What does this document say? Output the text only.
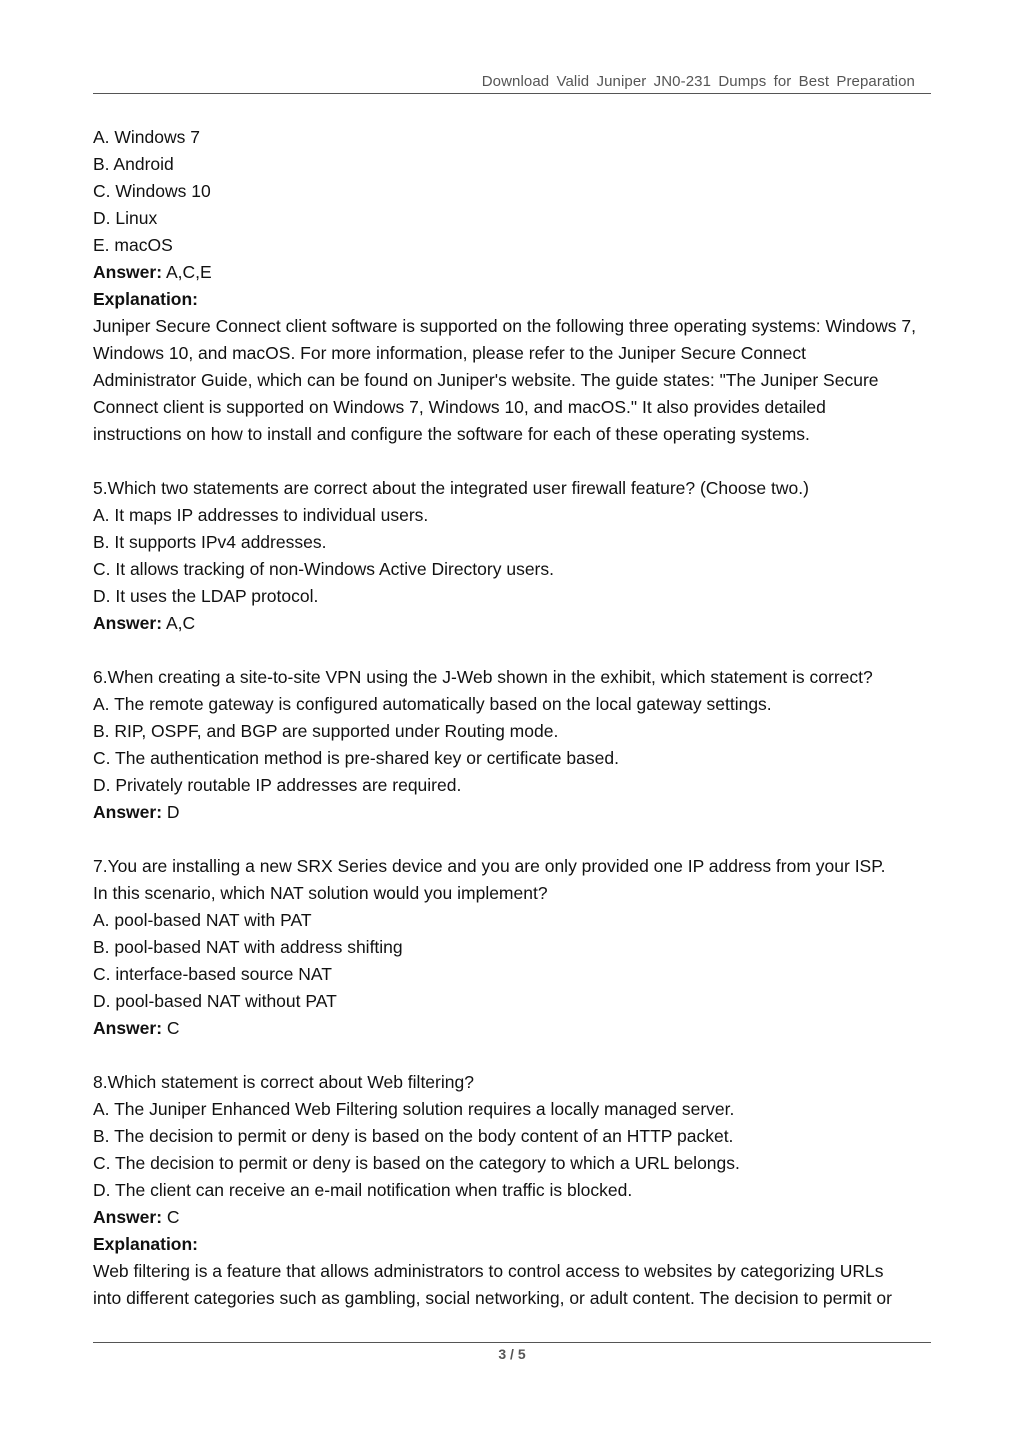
Download Valid Juniper JN0-231 Dumps for Best Preparation
A. Windows 7
B. Android
C. Windows 10
D. Linux
E. macOS
Answer: A,C,E
Explanation:
Juniper Secure Connect client software is supported on the following three operating systems: Windows 7,
Windows 10, and macOS. For more information, please refer to the Juniper Secure Connect
Administrator Guide, which can be found on Juniper's website. The guide states: "The Juniper Secure
Connect client is supported on Windows 7, Windows 10, and macOS." It also provides detailed
instructions on how to install and configure the software for each of these operating systems.
5.Which two statements are correct about the integrated user firewall feature? (Choose two.)
A. It maps IP addresses to individual users.
B. It supports IPv4 addresses.
C. It allows tracking of non-Windows Active Directory users.
D. It uses the LDAP protocol.
Answer: A,C
6.When creating a site-to-site VPN using the J-Web shown in the exhibit, which statement is correct?
A. The remote gateway is configured automatically based on the local gateway settings.
B. RIP, OSPF, and BGP are supported under Routing mode.
C. The authentication method is pre-shared key or certificate based.
D. Privately routable IP addresses are required.
Answer: D
7.You are installing a new SRX Series device and you are only provided one IP address from your ISP.
In this scenario, which NAT solution would you implement?
A. pool-based NAT with PAT
B. pool-based NAT with address shifting
C. interface-based source NAT
D. pool-based NAT without PAT
Answer: C
8.Which statement is correct about Web filtering?
A. The Juniper Enhanced Web Filtering solution requires a locally managed server.
B. The decision to permit or deny is based on the body content of an HTTP packet.
C. The decision to permit or deny is based on the category to which a URL belongs.
D. The client can receive an e-mail notification when traffic is blocked.
Answer: C
Explanation:
Web filtering is a feature that allows administrators to control access to websites by categorizing URLs
into different categories such as gambling, social networking, or adult content. The decision to permit or
3 / 5
